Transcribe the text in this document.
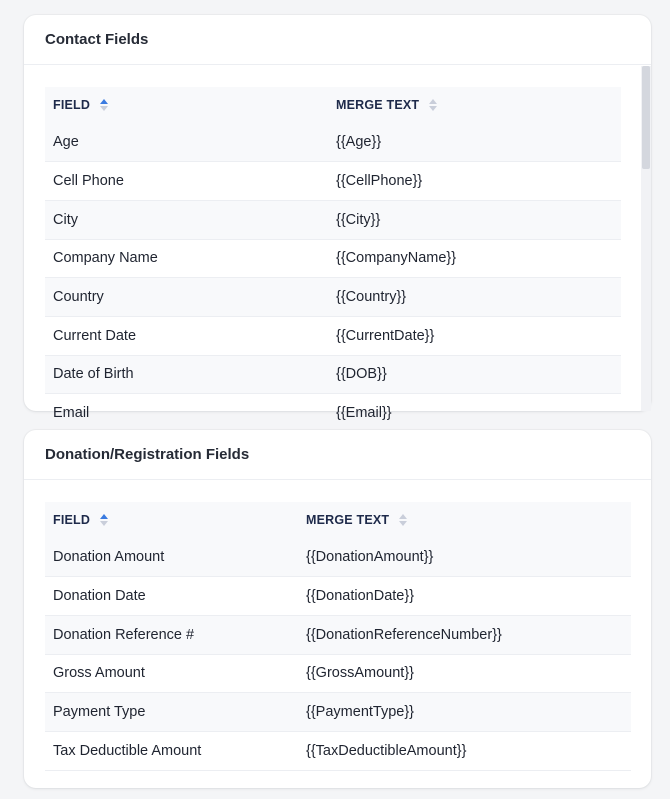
Contact Fields
FIELD	MERGE TEXT

Age	{{Age}}
Cell Phone	{{CellPhone}}
City	{{City}}
Company Name	{{CompanyName}}
Country	{{Country}}
Current Date	{{CurrentDate}}
Date of Birth	{{DOB}}
Email	{{Email}}
Donation/Registration Fields
FIELD	MERGE TEXT

Donation Amount	{{DonationAmount}}
Donation Date	{{DonationDate}}
Donation Reference #	{{DonationReferenceNumber}}
Gross Amount	{{GrossAmount}}
Payment Type	{{PaymentType}}
Tax Deductible Amount	{{TaxDeductibleAmount}}
